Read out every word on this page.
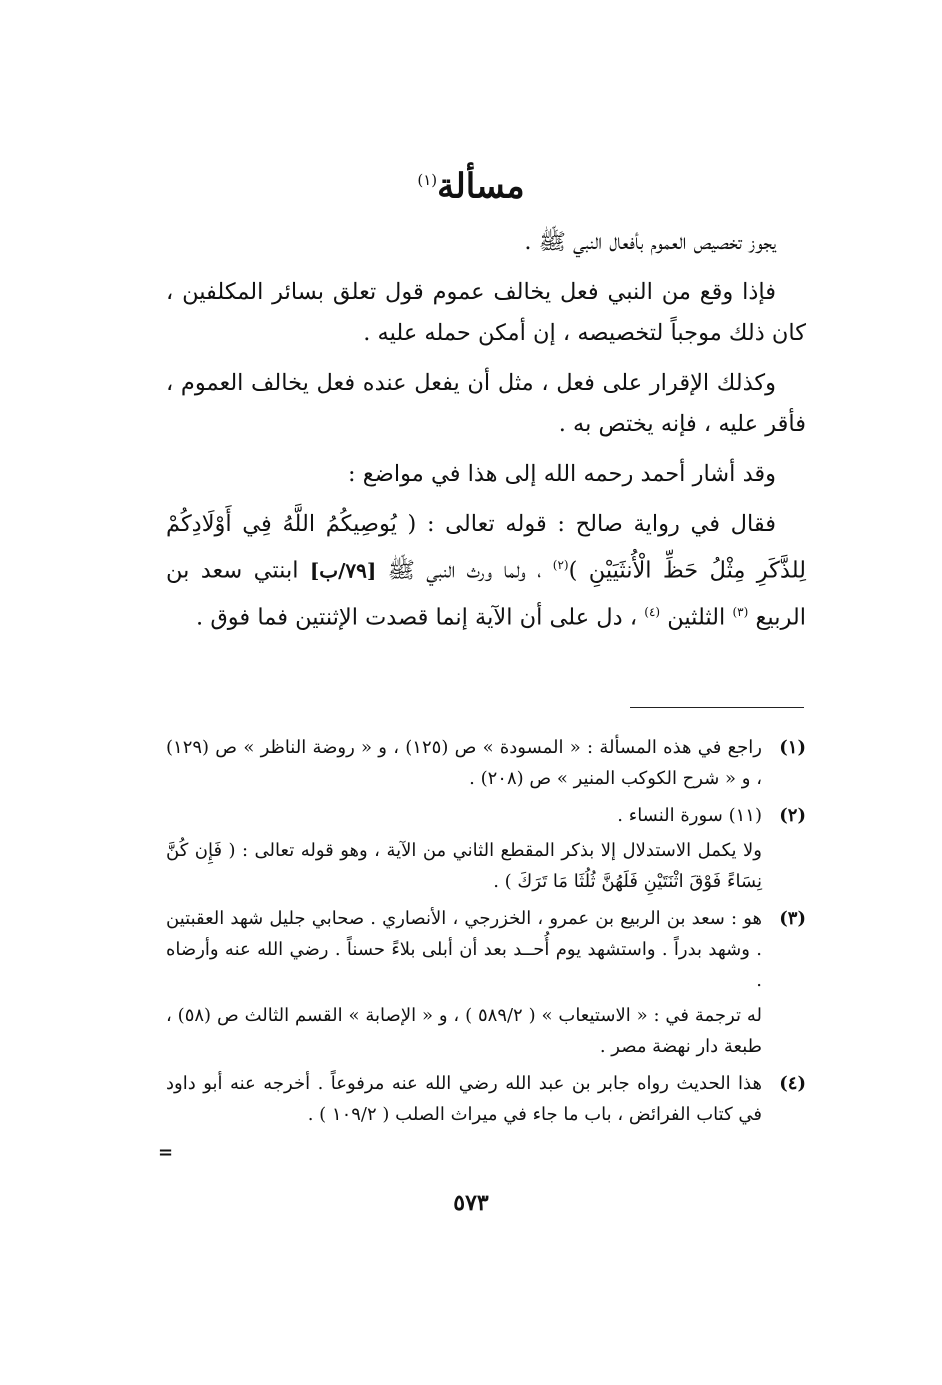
مسألة$^{(١)}$

يجوز تخصيص العموم بأفعال النبي ﷺ .

فإذا وقع من النبي فعل يخالف عموم قول تعلق بسائر المكلفين ، كان ذلك موجباً لتخصيصه ، إن أمكن حمله عليه .

وكذلك الإقرار على فعل ، مثل أن يفعل عنده فعل يخالف العموم ، فأقر عليه ، فإنه يختص به .

وقد أشار أحمد رحمه الله إلى هذا في مواضع :

فقال في رواية صالح : قوله تعالى : ( يُوصِيكُمُ اللَّهُ فِي أَوْلَادِكُمْ لِلذَّكَرِ مِثْلُ حَظِّ الْأُنثَيَيْنِ )$^{(٢)}$ ، ولما ورث النبي ﷺ [٧٩/ب] ابنتي سعد بن الربيع $^{(٣)}$ الثلثين $^{(٤)}$ ، دل على أن الآية إنما قصدت الإثنتين فما فوق .

(١)

راجع في هذه المسألة : « المسودة » ص (١٢٥) ، و « روضة الناظر » ص (١٢٩) ، و « شرح الكوكب المنير » ص (٢٠٨) .

(٢)

(١١) سورة النساء .

ولا يكمل الاستدلال إلا بذكر المقطع الثاني من الآية ، وهو قوله تعالى : ( فَإِن كُنَّ نِسَاءً فَوْقَ اثْنَتَيْنِ فَلَهُنَّ ثُلُثَا مَا تَرَكَ ) .

(٣)

هو : سعد بن الربيع بن عمرو ، الخزرجي ، الأنصاري . صحابي جليل شهد العقبتين . وشهد بدراً . واستشهد يوم أُحــد بعد أن أبلى بلاءً حسناً . رضي الله عنه وأرضاه .

له ترجمة في : « الاستيعاب » ( ٥٨٩/٢ ) ، و « الإصابة » القسم الثالث ص (٥٨) ، طبعة دار نهضة مصر .

(٤)

هذا الحديث رواه جابر بن عبد الله رضي الله عنه مرفوعاً . أخرجه عنه أبو داود في كتاب الفرائض ، باب ما جاء في ميراث الصلب ( ١٠٩/٢ ) .

=
٥٧٣
